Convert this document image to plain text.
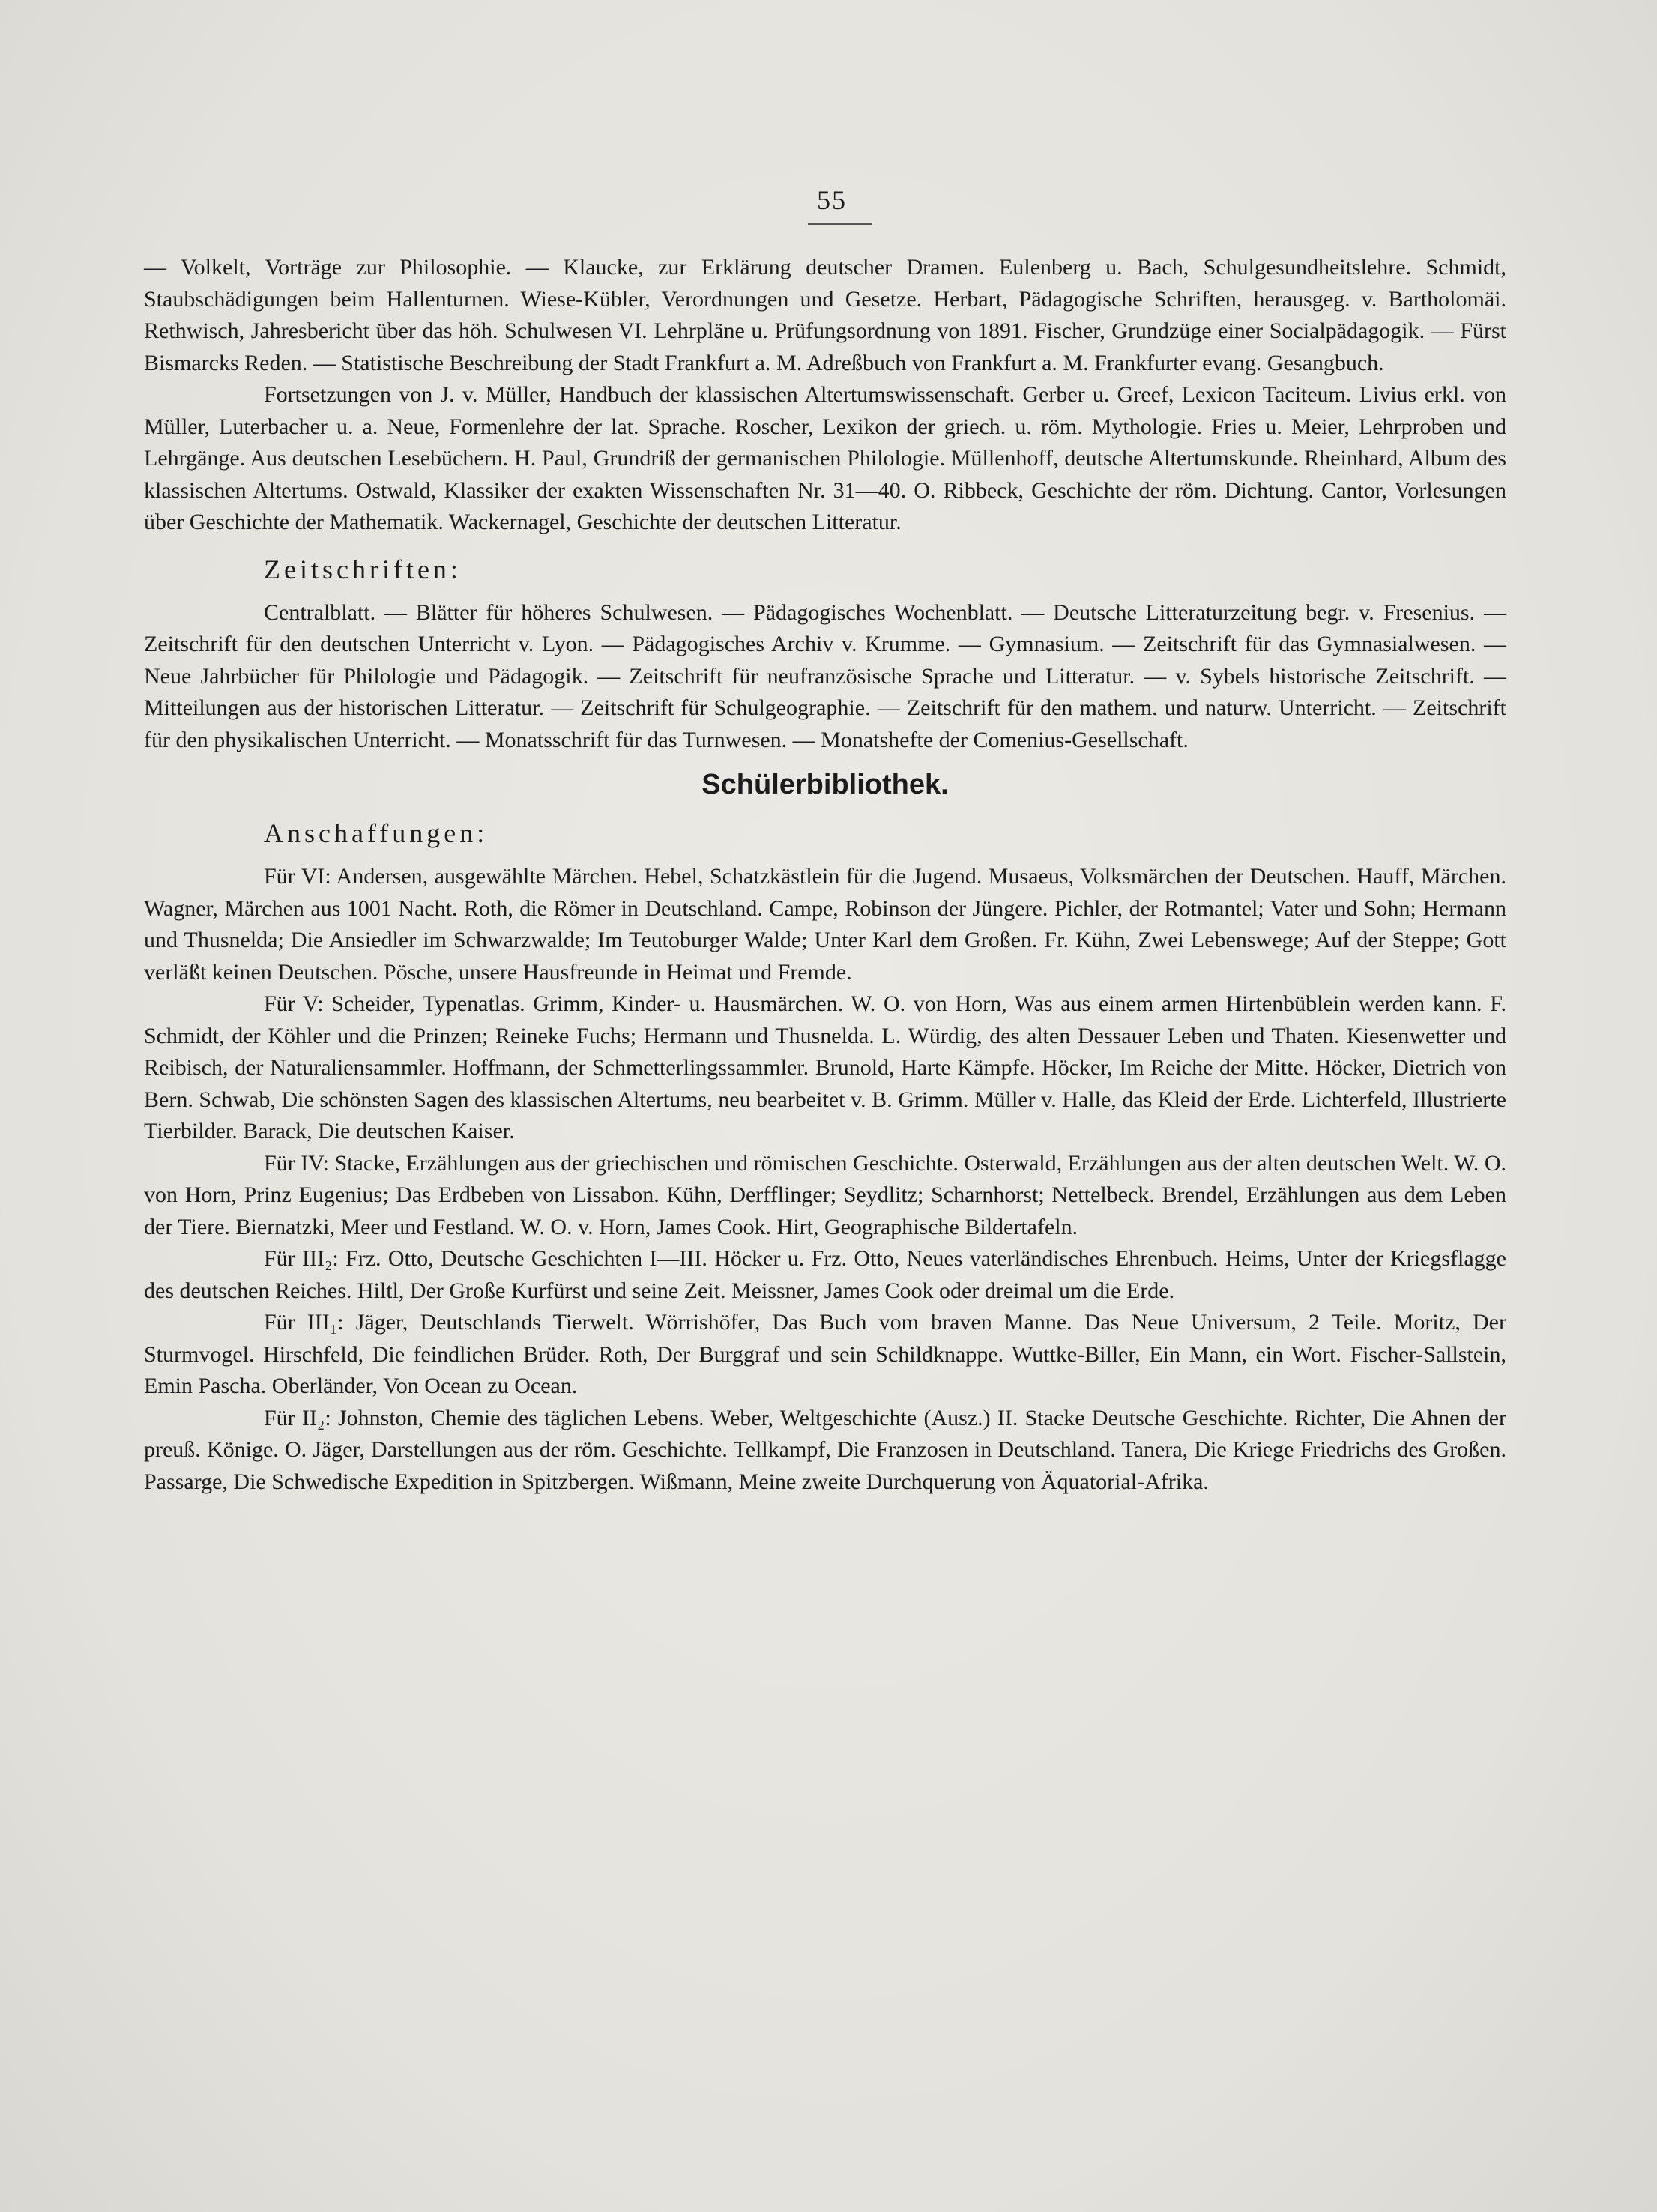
55

— Volkelt, Vorträge zur Philosophie. — Klaucke, zur Erklärung deutscher Dramen. Eulenberg u. Bach, Schulgesundheitslehre. Schmidt, Staubschädigungen beim Hallenturnen. Wiese-Kübler, Verordnungen und Gesetze. Herbart, Pädagogische Schriften, herausgeg. v. Bartholomäi. Rethwisch, Jahresbericht über das höh. Schulwesen VI. Lehrpläne u. Prüfungsordnung von 1891. Fischer, Grundzüge einer Socialpädagogik. — Fürst Bismarcks Reden. — Statistische Beschreibung der Stadt Frankfurt a. M. Adreßbuch von Frankfurt a. M. Frankfurter evang. Gesangbuch.

Fortsetzungen von J. v. Müller, Handbuch der klassischen Altertumswissenschaft. Gerber u. Greef, Lexicon Taciteum. Livius erkl. von Müller, Luterbacher u. a. Neue, Formenlehre der lat. Sprache. Roscher, Lexikon der griech. u. röm. Mythologie. Fries u. Meier, Lehrproben und Lehrgänge. Aus deutschen Lesebüchern. H. Paul, Grundriß der germanischen Philologie. Müllenhoff, deutsche Altertumskunde. Rheinhard, Album des klassischen Altertums. Ostwald, Klassiker der exakten Wissenschaften Nr. 31—40. O. Ribbeck, Geschichte der röm. Dichtung. Cantor, Vorlesungen über Geschichte der Mathematik. Wackernagel, Geschichte der deutschen Litteratur.

Zeitschriften:

Centralblatt. — Blätter für höheres Schulwesen. — Pädagogisches Wochenblatt. — Deutsche Litteraturzeitung begr. v. Fresenius. — Zeitschrift für den deutschen Unterricht v. Lyon. — Pädagogisches Archiv v. Krumme. — Gymnasium. — Zeitschrift für das Gymnasialwesen. — Neue Jahrbücher für Philologie und Pädagogik. — Zeitschrift für neufranzösische Sprache und Litteratur. — v. Sybels historische Zeitschrift. — Mitteilungen aus der historischen Litteratur. — Zeitschrift für Schulgeographie. — Zeitschrift für den mathem. und naturw. Unterricht. — Zeitschrift für den physikalischen Unterricht. — Monatsschrift für das Turnwesen. — Monatshefte der Comenius-Gesellschaft.

Schülerbibliothek.
Anschaffungen:

Für VI: Andersen, ausgewählte Märchen. Hebel, Schatzkästlein für die Jugend. Musaeus, Volksmärchen der Deutschen. Hauff, Märchen. Wagner, Märchen aus 1001 Nacht. Roth, die Römer in Deutschland. Campe, Robinson der Jüngere. Pichler, der Rotmantel; Vater und Sohn; Hermann und Thusnelda; Die Ansiedler im Schwarzwalde; Im Teutoburger Walde; Unter Karl dem Großen. Fr. Kühn, Zwei Lebenswege; Auf der Steppe; Gott verläßt keinen Deutschen. Pösche, unsere Hausfreunde in Heimat und Fremde.

Für V: Scheider, Typenatlas. Grimm, Kinder- u. Hausmärchen. W. O. von Horn, Was aus einem armen Hirtenbüblein werden kann. F. Schmidt, der Köhler und die Prinzen; Reineke Fuchs; Hermann und Thusnelda. L. Würdig, des alten Dessauer Leben und Thaten. Kiesenwetter und Reibisch, der Naturaliensammler. Hoffmann, der Schmetterlingssammler. Brunold, Harte Kämpfe. Höcker, Im Reiche der Mitte. Höcker, Dietrich von Bern. Schwab, Die schönsten Sagen des klassischen Altertums, neu bearbeitet v. B. Grimm. Müller v. Halle, das Kleid der Erde. Lichterfeld, Illustrierte Tierbilder. Barack, Die deutschen Kaiser.

Für IV: Stacke, Erzählungen aus der griechischen und römischen Geschichte. Osterwald, Erzählungen aus der alten deutschen Welt. W. O. von Horn, Prinz Eugenius; Das Erdbeben von Lissabon. Kühn, Derfflinger; Seydlitz; Scharnhorst; Nettelbeck. Brendel, Erzählungen aus dem Leben der Tiere. Biernatzki, Meer und Festland. W. O. v. Horn, James Cook. Hirt, Geographische Bildertafeln.

Für III₂: Frz. Otto, Deutsche Geschichten I—III. Höcker u. Frz. Otto, Neues vaterländisches Ehrenbuch. Heims, Unter der Kriegsflagge des deutschen Reiches. Hiltl, Der Große Kurfürst und seine Zeit. Meissner, James Cook oder dreimal um die Erde.

Für III₁: Jäger, Deutschlands Tierwelt. Wörrishöfer, Das Buch vom braven Manne. Das Neue Universum, 2 Teile. Moritz, Der Sturmvogel. Hirschfeld, Die feindlichen Brüder. Roth, Der Burggraf und sein Schildknappe. Wuttke-Biller, Ein Mann, ein Wort. Fischer-Sallstein, Emin Pascha. Oberländer, Von Ocean zu Ocean.

Für II₂: Johnston, Chemie des täglichen Lebens. Weber, Weltgeschichte (Ausz.) II. Stacke Deutsche Geschichte. Richter, Die Ahnen der preuß. Könige. O. Jäger, Darstellungen aus der röm. Geschichte. Tellkampf, Die Franzosen in Deutschland. Tanera, Die Kriege Friedrichs des Großen. Passarge, Die Schwedische Expedition in Spitzbergen. Wißmann, Meine zweite Durchquerung von Äquatorial-Afrika.
